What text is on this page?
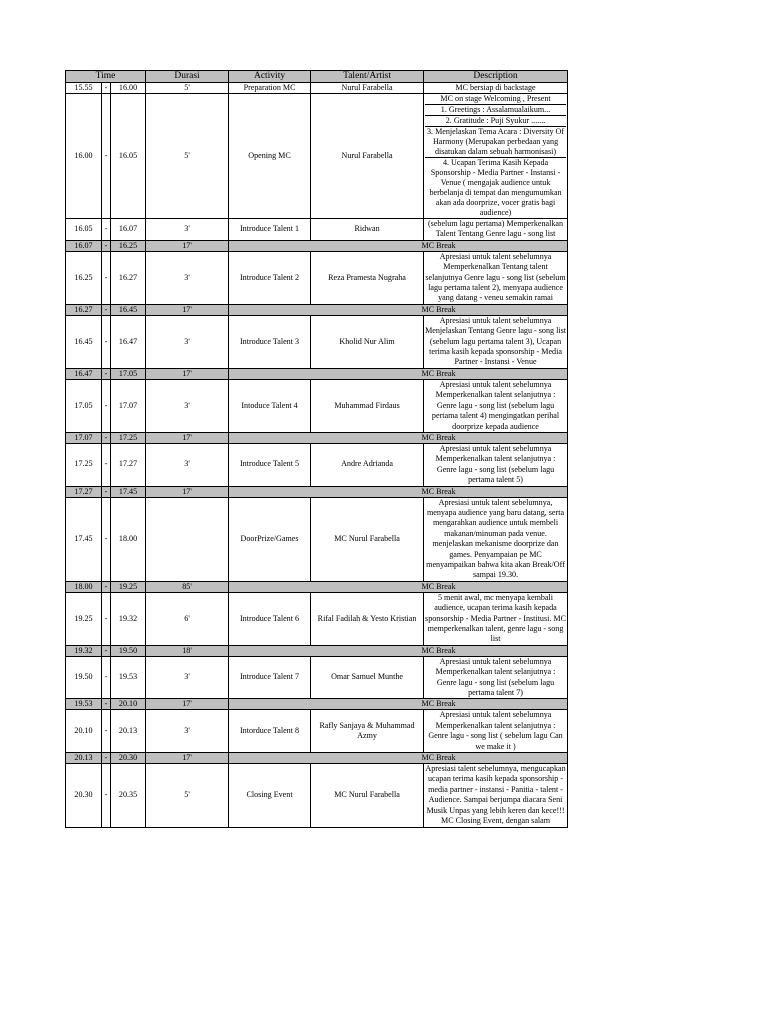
Time			Durasi	Activity	Talent/Artist	Description
15.55	-	16.00	5'	Preparation MC	Nurul Farabella	MC bersiap di backstage

16.00	-	16.05	5'	Opening MC	Nurul Farabella	MC on stage Welcoming , Present
1. Greetings : Assalamualaikum...
2. Gratitude : Puji Syukur .......
3. Menjelaskan Tema Acara : Diversity Of Harmony (Merupakan perbedaan yang disatukan dalam sebuah harmonisasi)
4. Ucapan Terima Kasih Kepada Sponsorship - Media Partner - Instansi - Venue ( mengajak audience untuk berbelanja di tempat dan mengumumkan akan ada doorprize, vocer gratis bagi audience)

16.05	-	16.07	3'	Introduce Talent 1	Ridwan	(sebelum lagu pertama) Memperkenalkan Talent Tentang Genre lagu - song list

16.07	-	16.25	17'	MC Break		
16.25	-	16.27	3'	Introduce Talent 2	Reza Pramesta Nugraha	Apresiasi untuk talent sebelumnya Memperkenalkan Tentang talent selanjutnya Genre lagu - song list (sebelum lagu pertama talent 2), menyapa audience yang datang - veneu semakin ramai

16.27	-	16.45	17'	MC Break		
16.45	-	16.47	3'	Introduce Talent 3	Kholid Nur Alim	Apresiasi untuk talent sebelumnya Menjelaskan Tentang Genre lagu - song list (sebelum lagu pertama talent 3), Ucapan terima kasih kepada sponsorship - Media Partner - Instansi - Venue

16.47	-	17.05	17'	MC Break		
17.05	-	17.07	3'	Intoduce Talent 4	Muhammad Firdaus	Apresiasi untuk talent sebelumnya Memperkenalkan talent selanjutnya : Genre lagu - song list (sebelum lagu pertama talent 4) mengingatkan perihal doorprize kepada audience

17.07	-	17.25	17'	MC Break		
17.25	-	17.27	3'	Introduce Talent 5	Andre Adrianda	Apresiasi untuk talent sebelumnya Memperkenalkan talent selanjutnya : Genre lagu - song list (sebelum lagu pertama talent 5)

17.27	-	17.45	17'	MC Break		
17.45	-	18.00		DoorPrize/Games	MC Nurul Farabella	Apresiasi untuk talent sebelumnya, menyapa audience yang baru datang, serta mengarahkan audience untuk membeli makanan/minuman pada venue. menjelaskan mekanisme doorprize dan games. Penyampaian pe MC menyampaikan bahwa kita akan Break/Off sampai 19.30.

18.00	-	19.25	85'	MC Break		
19.25	-	19.32	6'	Introduce Talent 6	Rifal Fadilah & Yesto Kristian	5 menit awal, mc menyapa kembali audience, ucapan terima kasih kepada sponsorship - Media Partner - Institusi. MC memperkenalkan talent, genre lagu - song list

19.32	-	19.50	18'	MC Break		
19.50	-	19.53	3'	Introduce Talent 7	Omar Samuel Munthe	Apresiasi untuk talent sebelumnya Memperkenalkan talent selanjutnya : Genre lagu - song list (sebelum lagu pertama talent 7)

19.53	-	20.10	17'	MC Break		
20.10	-	20.13	3'	Intorduce Talent 8	Rafly Sanjaya & Muhammad Azmy	Apresiasi untuk talent sebelumnya Memperkenalkan talent selanjutnya : Genre lagu - song list ( sebelum lagu Can we make it )

20.13	-	20.30	17'	MC Break		
20.30	-	20.35	5'	Closing Event	MC Nurul Farabella	Apresiasi talent sebelumnya, mengucapkan ucapan terima kasih kepada sponsorship - media partner - instansi - Panitia - talent - Audience. Sampai berjumpa diacara Seni Musik Unpas yang lebih keren dan kece!!! MC Closing Event, dengan salam
